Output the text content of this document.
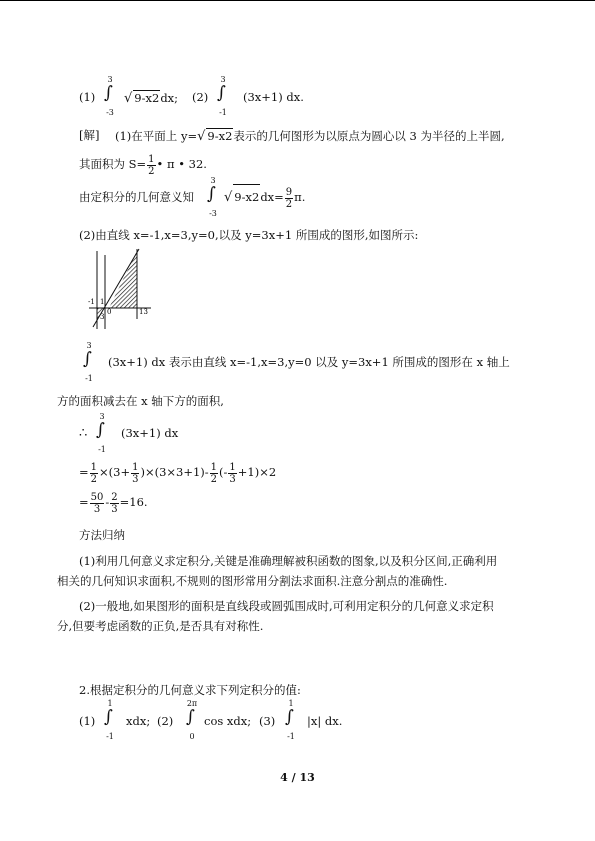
(1)
3
∫
-3
√ 9-x2dx; (2)
3
∫
-1
(3x+1) dx.
[解] (1)在平面上 y=√ 9-x2表示的几何图形为以原点为圆心以 3 为半径的上半圆,
其面积为 $S= \frac{1}{2}$ • π • 32.
由定积分的几何意义知
3
∫
-3
√ $9-x2dx= \frac{9}{2} \pi$.
(2)由直线 x=-1,x=3,y=0,以及 y=3x+1 所围成的图形,如图所示:
-1 1
3
0	13
3
∫
-1
(3x+1) dx 表示由直线 x=-1,x=3,y=0 以及 y=3x+1 所围成的图形在 x 轴上
方的面积减去在 x 轴下方的面积,
∴
3
∫
-1
(3x+1) dx
= $\frac{1}{2} \times(3+ \frac{1}{3} )\times(3\times 3+1)- \frac{1}{2}$ (- $\frac{1}{3} +1)\times 2$
= $\frac{50}{3} - \frac{2}{3} =16$.
方法归纳
(1)利用几何意义求定积分,关键是准确理解被积函数的图象,以及积分区间,正确利用
相关的几何知识求面积,不规则的图形常用分割法求面积.注意分割点的准确性.
(2)一般地,如果图形的面积是直线段或圆弧围成时,可利用定积分的几何意义求定积
分,但要考虑函数的正负,是否具有对称性.
2.根据定积分的几何意义求下列定积分的值:
(1)
1
∫
-1
xdx; (2)
2π
∫
0
cos xdx; (3)
1
∫
-1
|x| dx.
4 / 13
